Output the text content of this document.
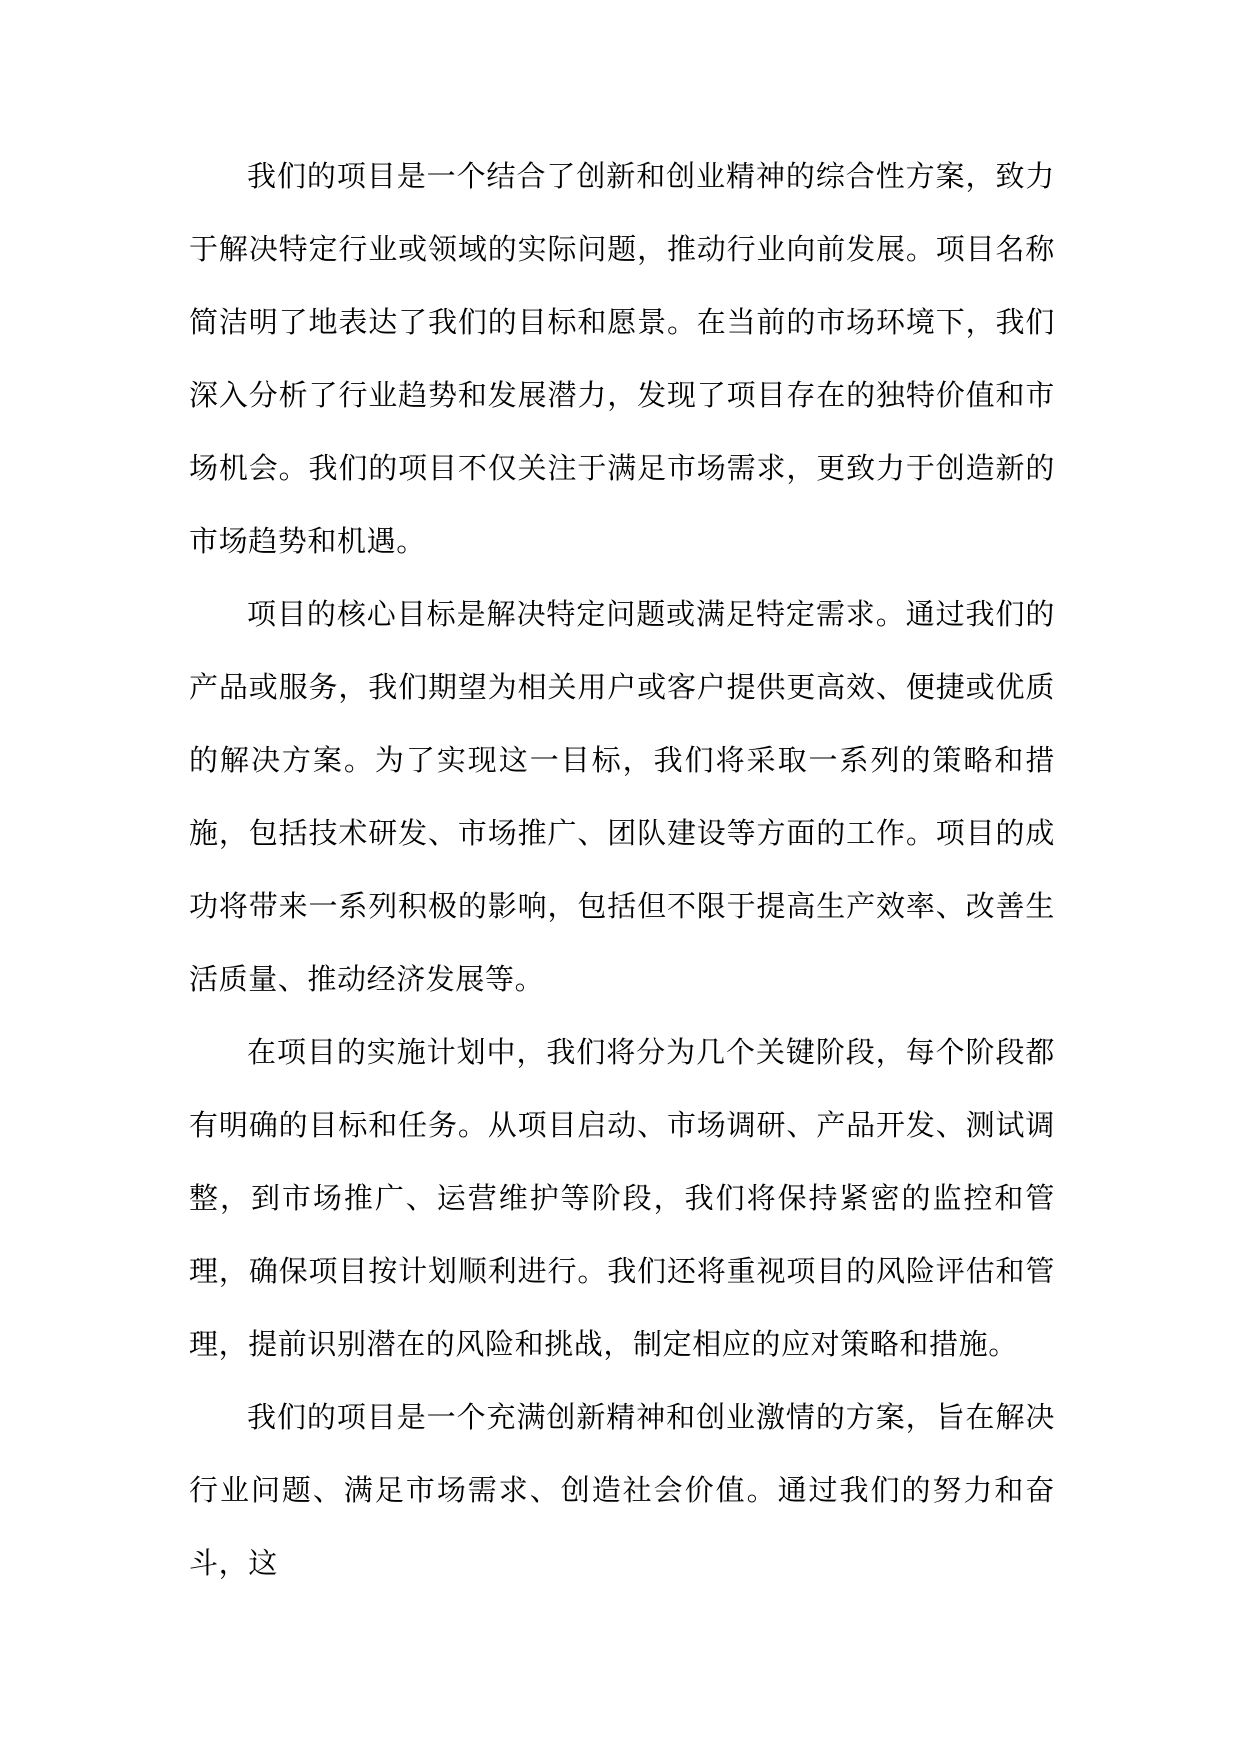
我们的项目是一个结合了创新和创业精神的综合性方案，致力于解决特定行业或领域的实际问题，推动行业向前发展。项目名称简洁明了地表达了我们的目标和愿景。在当前的市场环境下，我们深入分析了行业趋势和发展潜力，发现了项目存在的独特价值和市场机会。我们的项目不仅关注于满足市场需求，更致力于创造新的市场趋势和机遇。

项目的核心目标是解决特定问题或满足特定需求。通过我们的产品或服务，我们期望为相关用户或客户提供更高效、便捷或优质的解决方案。为了实现这一目标，我们将采取一系列的策略和措施，包括技术研发、市场推广、团队建设等方面的工作。项目的成功将带来一系列积极的影响，包括但不限于提高生产效率、改善生活质量、推动经济发展等。

在项目的实施计划中，我们将分为几个关键阶段，每个阶段都有明确的目标和任务。从项目启动、市场调研、产品开发、测试调整，到市场推广、运营维护等阶段，我们将保持紧密的监控和管理，确保项目按计划顺利进行。我们还将重视项目的风险评估和管理，提前识别潜在的风险和挑战，制定相应的应对策略和措施。

我们的项目是一个充满创新精神和创业激情的方案，旨在解决行业问题、满足市场需求、创造社会价值。通过我们的努力和奋斗，这
